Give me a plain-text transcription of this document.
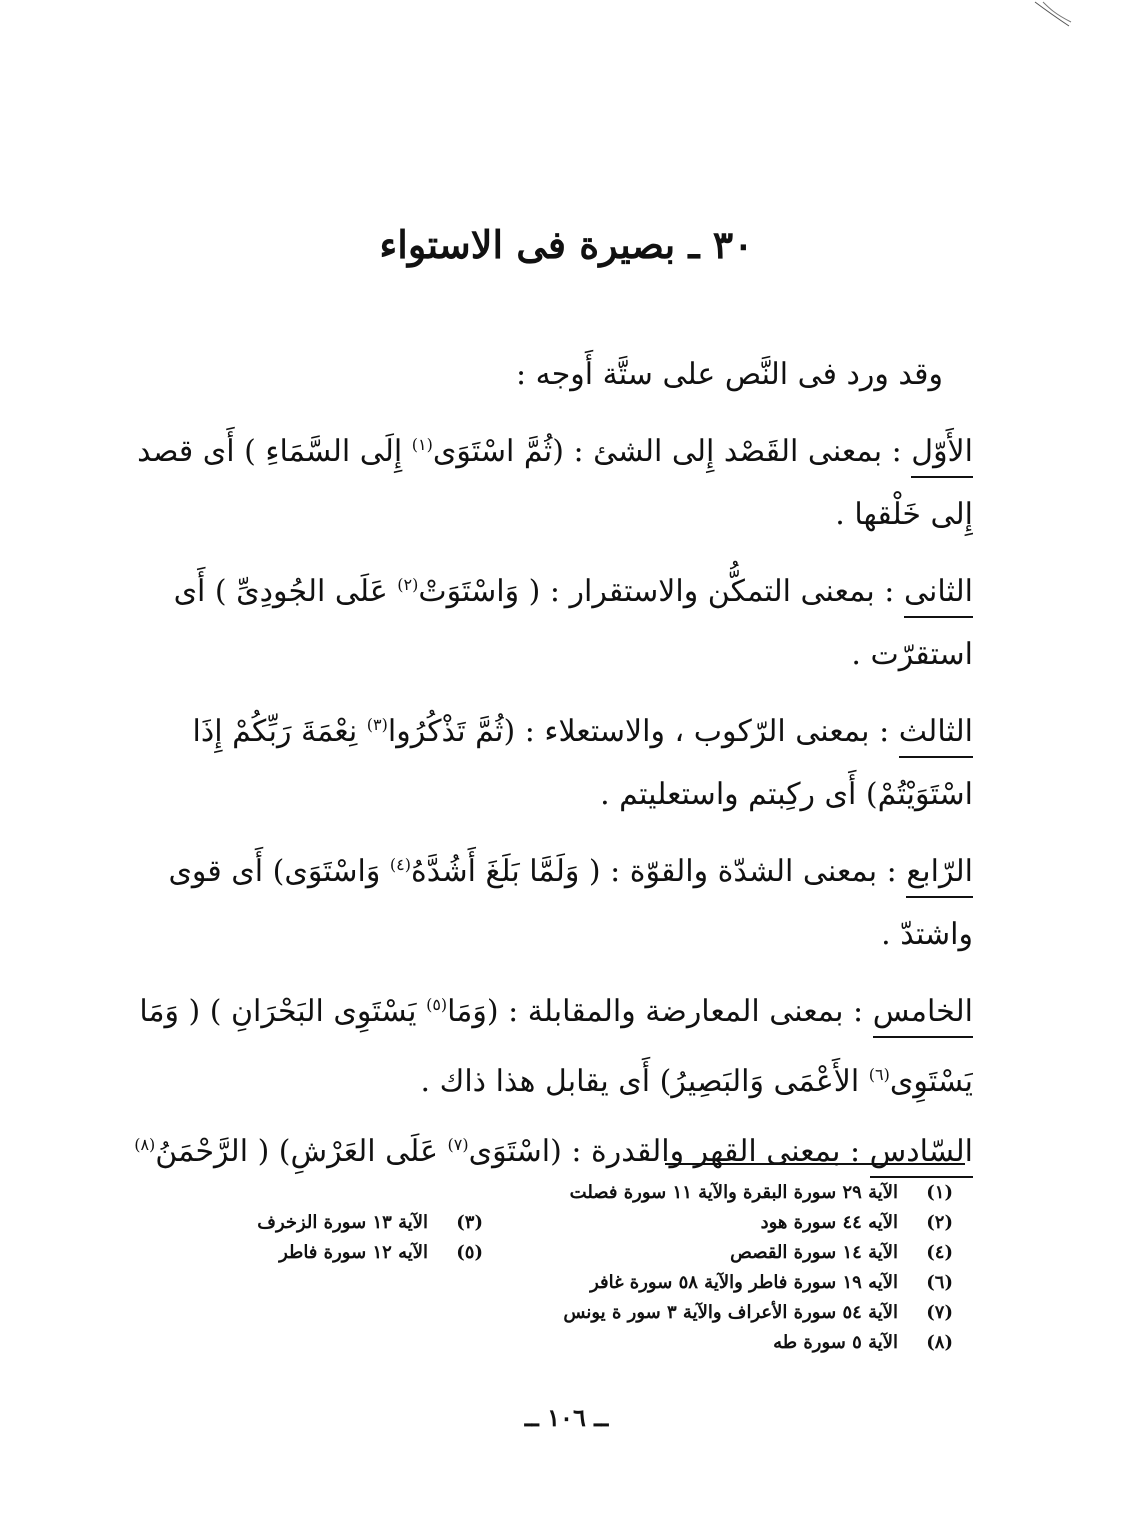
٣٠ ـ بصيرة فى الاستواء
وقد ورد فى النَّص على ستَّة أَوجه :
الأَوّل : بمعنى القَصْد إِلى الشئ : (ثُمَّ اسْتَوَى$^{(١)}$ إِلَى السَّمَاءِ ) أَى قصد
إِلى خَلْقها .
الثانى : بمعنى التمكُّن والاستقرار : ( وَاسْتَوَتْ$^{(٢)}$ عَلَى الجُودِىِّ ) أَى
استقرّت .
الثالث : بمعنى الرّكوب ، والاستعلاء : (ثُمَّ تَذْكُرُوا$^{(٣)}$ نِعْمَةَ رَبِّكُمْ إِذَا
اسْتَوَيْتُمْ) أَى ركِبتم واستعليتم .
الرّابع : بمعنى الشدّة والقوّة : ( وَلَمَّا بَلَغَ أَشُدَّهُ$^{(٤)}$ وَاسْتَوَى) أَى قوى
واشتدّ .
الخامس : بمعنى المعارضة والمقابلة : (وَمَا$^{(٥)}$ يَسْتَوِى البَحْرَانِ ) ( وَمَا
يَسْتَوِى$^{(٦)}$ الأَعْمَى وَالبَصِيرُ) أَى يقابل هذا ذاك .
السّادس : بمعنى القهر والقدرة : (اسْتَوَى$^{(٧)}$ عَلَى العَرْشِ) ( الرَّحْمَنُ$^{(٨)}$
(١)
الآية ٢٩ سورة البقرة والآية ١١ سورة فصلت
(٢)
الآيه ٤٤ سورة هود
(٣)
الآية ١٣ سورة الزخرف
(٤)
الآية ١٤ سورة القصص
(٥)
الآيه ١٢ سورة فاطر
(٦)
الآيه ١٩ سورة فاطر والآية ٥٨ سورة غافر
(٧)
الآية ٥٤ سورة الأعراف والآية ٣ سور ة يونس
(٨)
الآية ٥ سورة طه
ــ ١٠٦ ــ
